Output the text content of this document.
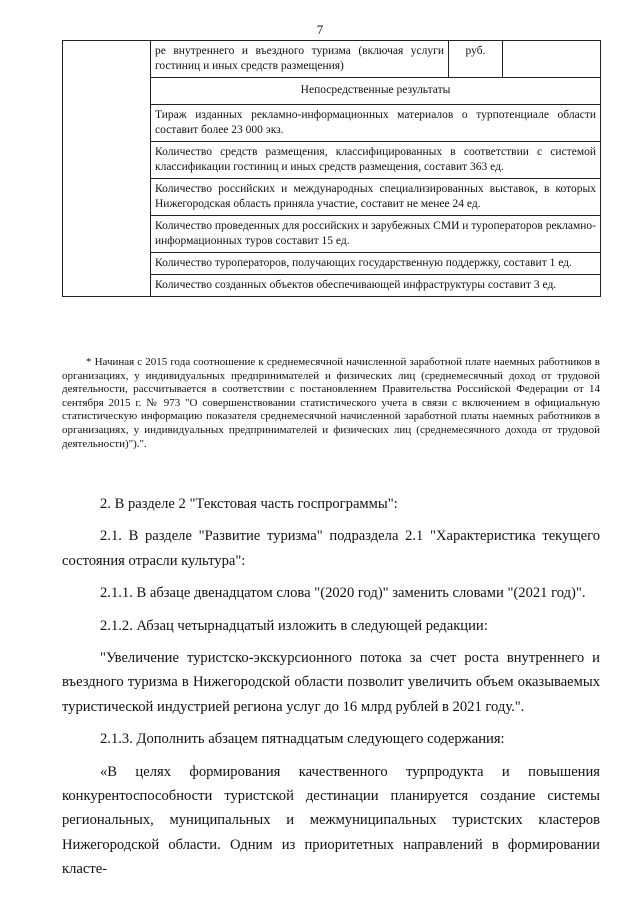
7
	ре внутреннего и въездного туризма (включая услуги гостиниц и иных средств размещения)	руб.	
Непосредственные результаты
Тираж изданных рекламно-информационных материалов о турпотенциале области составит более 23 000 экз.
Количество средств размещения, классифицированных в соответствии с системой классификации гостиниц и иных средств размещения, составит 363 ед.
Количество российских и международных специализированных выставок, в которых Нижегородская область приняла участие, составит не менее 24 ед.
Количество проведенных для российских и зарубежных СМИ и туроператоров рекламно-информационных туров составит 15 ед.
Количество туроператоров, получающих государственную поддержку, составит 1 ед.
Количество созданных объектов обеспечивающей инфраструктуры составит 3 ед.

* Начиная с 2015 года соотношение к среднемесячной начисленной заработной плате наемных работников в организациях, у индивидуальных предпринимателей и физических лиц (среднемесячный доход от трудовой деятельности, рассчитывается в соответствии с постановлением Правительства Российской Федерации от 14 сентября 2015 г. № 973 "О совершенствовании статистического учета в связи с включением в официальную статистическую информацию показателя среднемесячной начисленной заработной платы наемных работников в организациях, у индивидуальных предпринимателей и физических лиц (среднемесячного дохода от трудовой деятельности)").".

2. В разделе 2 "Текстовая часть госпрограммы":

2.1. В разделе "Развитие туризма" подраздела 2.1 "Характеристика текущего состояния отрасли культура":

2.1.1. В абзаце двенадцатом слова "(2020 год)" заменить словами "(2021 год)".

2.1.2. Абзац четырнадцатый изложить в следующей редакции:

"Увеличение туристско-экскурсионного потока за счет роста внутреннего и въездного туризма в Нижегородской области позволит увеличить объем оказываемых туристической индустрией региона услуг до 16 млрд рублей в 2021 году.".

2.1.3. Дополнить абзацем пятнадцатым следующего содержания:

«В целях формирования качественного турпродукта и повышения конкурентоспособности туристской дестинации планируется создание системы региональных, муниципальных и межмуниципальных туристских кластеров Нижегородской области. Одним из приоритетных направлений в формировании класте-
